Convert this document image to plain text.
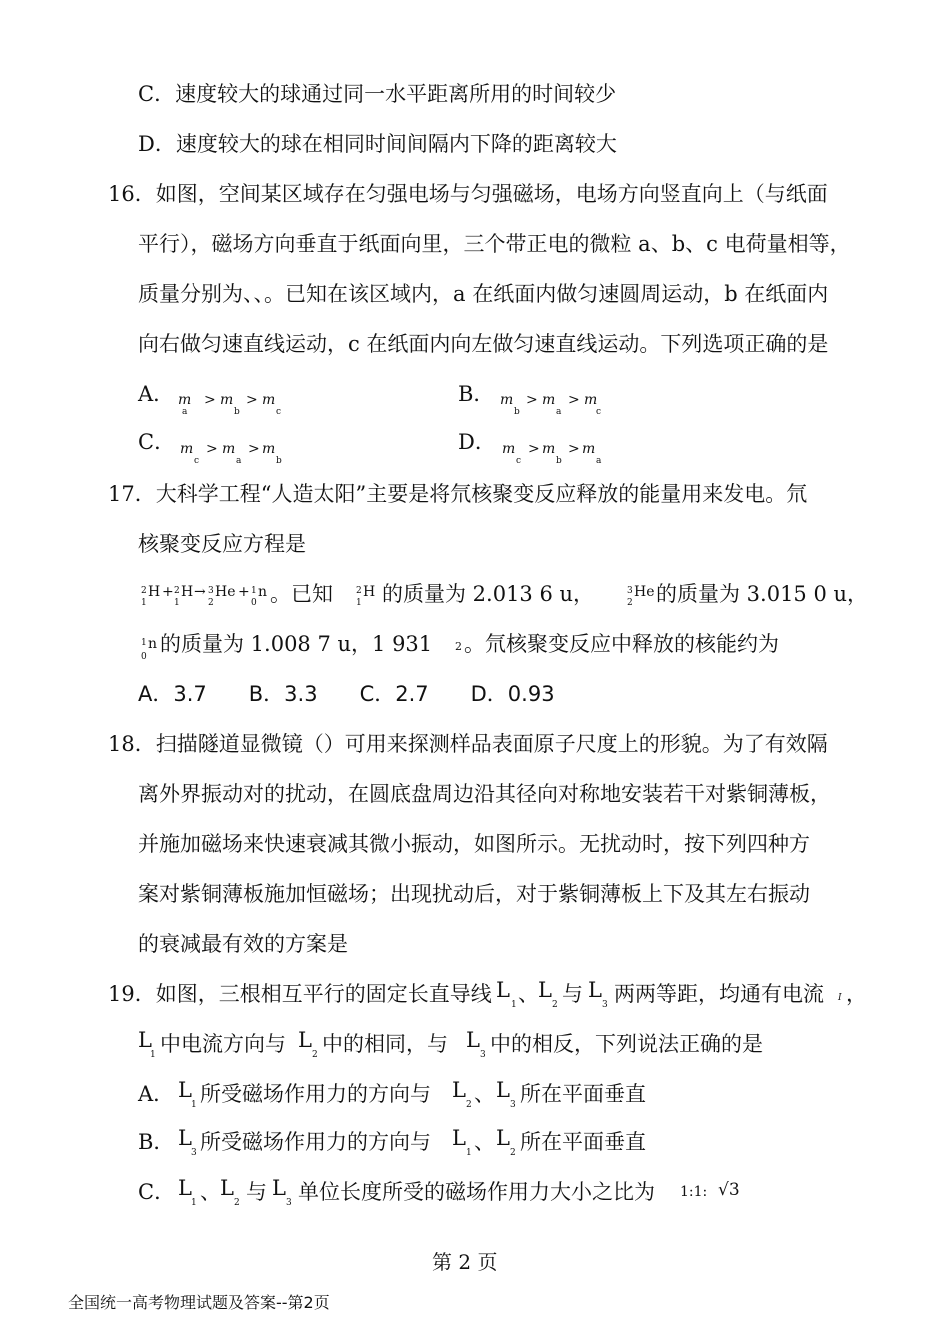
C．速度较大的球通过同一水平距离所用的时间较少
D．速度较大的球在相同时间间隔内下降的距离较大
16．如图，空间某区域存在匀强电场与匀强磁场，电场方向竖直向上（与纸面
平行），磁场方向垂直于纸面向里，三个带正电的微粒 a、b、c 电荷量相等，
质量分别为、、。已知在该区域内，a 在纸面内做匀速圆周运动，b 在纸面内
向右做匀速直线运动，c 在纸面内向左做匀速直线运动。下列选项正确的是
A． m
a
> m
b
> m
c
B． m
b
> m
a
> m
c
C． m
c
> m
a
> m
b
D． m
c
> m
b
> m
a
17．大科学工程“人造太阳”主要是将氘核聚变反应释放的能量用来发电。氘
核聚变反应方程是
2
1
H + 2
1
H → 3
2
He + 1
0
n 。已知	2
1
H 的质量为 2.013 6 u，	3
2
He 的质量为 3.015 0 u，
1
0
n 的质量为 1.008 7 u，1 931 2 。氘核聚变反应中释放的核能约为
A．3.7　　B．3.3　　C．2.7　　D．0.93
18．扫描隧道显微镜（）可用来探测样品表面原子尺度上的形貌。为了有效隔
离外界振动对的扰动，在圆底盘周边沿其径向对称地安装若干对紫铜薄板，
并施加磁场来快速衰减其微小振动，如图所示。无扰动时，按下列四种方
案对紫铜薄板施加恒磁场；出现扰动后，对于紫铜薄板上下及其左右振动
的衰减最有效的方案是
19．如图，三根相互平行的固定长直导线 L
1 、 L
2 与 L
3 两两等距，均通有电流 I ，
L
1 中电流方向与 L
2 中的相同，与 L
3 中的相反，下列说法正确的是
A． L
1 所受磁场作用力的方向与 L
2 、 L
3 所在平面垂直
B． L
3 所受磁场作用力的方向与 L
1 、 L
2 所在平面垂直
C． L
1 、 L
2 与 L
3 单位长度所受的磁场作用力大小之比为 1:1: √3
第 2 页
全国统一高考物理试题及答案--第2页
